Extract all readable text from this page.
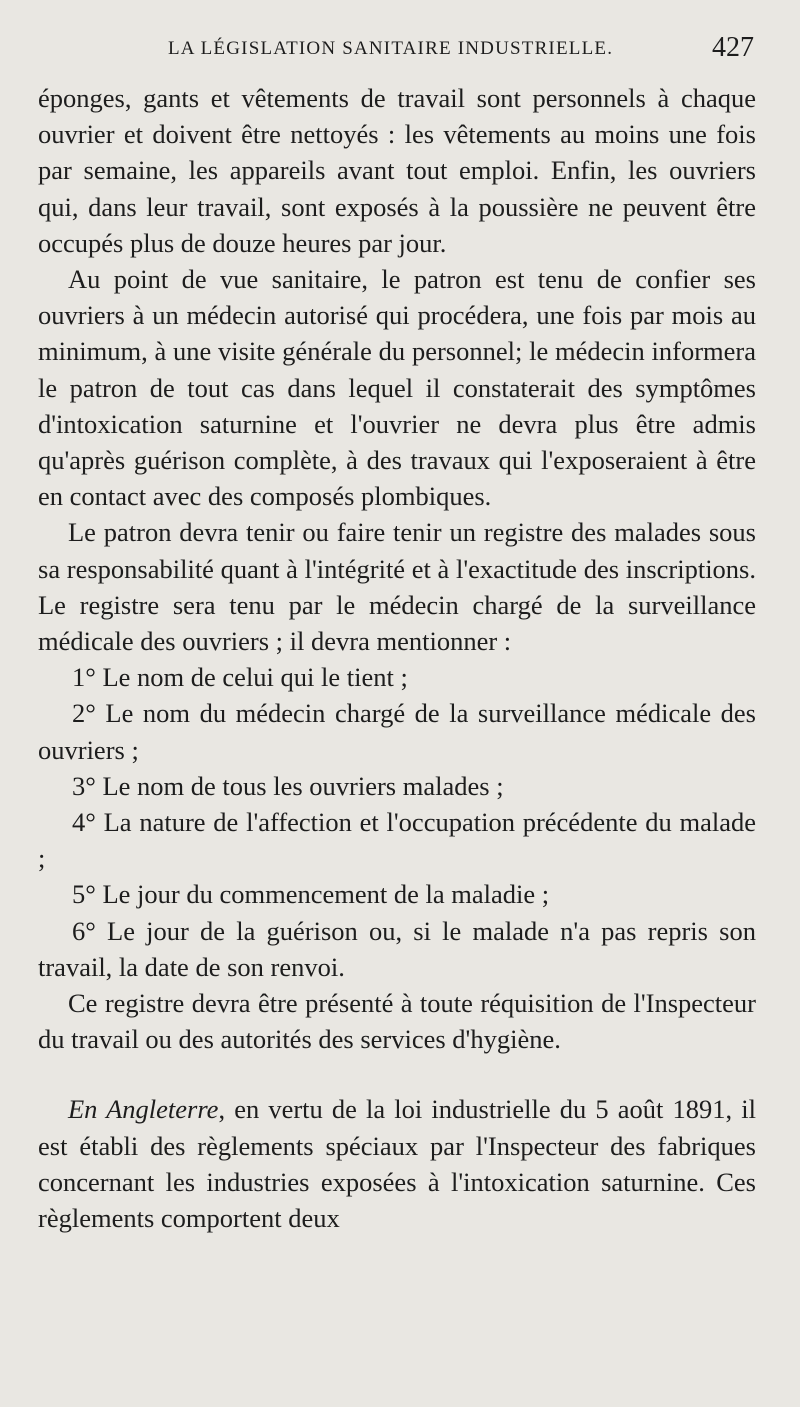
LA LÉGISLATION SANITAIRE INDUSTRIELLE.	427

éponges, gants et vêtements de travail sont personnels à chaque ouvrier et doivent être nettoyés : les vêtements au moins une fois par semaine, les appareils avant tout emploi. Enfin, les ouvriers qui, dans leur travail, sont exposés à la poussière ne peuvent être occupés plus de douze heures par jour.

Au point de vue sanitaire, le patron est tenu de confier ses ouvriers à un médecin autorisé qui procédera, une fois par mois au minimum, à une visite générale du personnel; le médecin informera le patron de tout cas dans lequel il constaterait des symptômes d'intoxication saturnine et l'ouvrier ne devra plus être admis qu'après guérison complète, à des travaux qui l'exposeraient à être en contact avec des composés plombiques.

Le patron devra tenir ou faire tenir un registre des malades sous sa responsabilité quant à l'intégrité et à l'exactitude des inscriptions. Le registre sera tenu par le médecin chargé de la surveillance médicale des ouvriers ; il devra mentionner :

1° Le nom de celui qui le tient ;

2° Le nom du médecin chargé de la surveillance médicale des ouvriers ;

3° Le nom de tous les ouvriers malades ;

4° La nature de l'affection et l'occupation précédente du malade ;

5° Le jour du commencement de la maladie ;

6° Le jour de la guérison ou, si le malade n'a pas repris son travail, la date de son renvoi.

Ce registre devra être présenté à toute réquisition de l'Inspecteur du travail ou des autorités des services d'hygiène.

En Angleterre, en vertu de la loi industrielle du 5 août 1891, il est établi des règlements spéciaux par l'Inspecteur des fabriques concernant les industries exposées à l'intoxication saturnine. Ces règlements comportent deux
